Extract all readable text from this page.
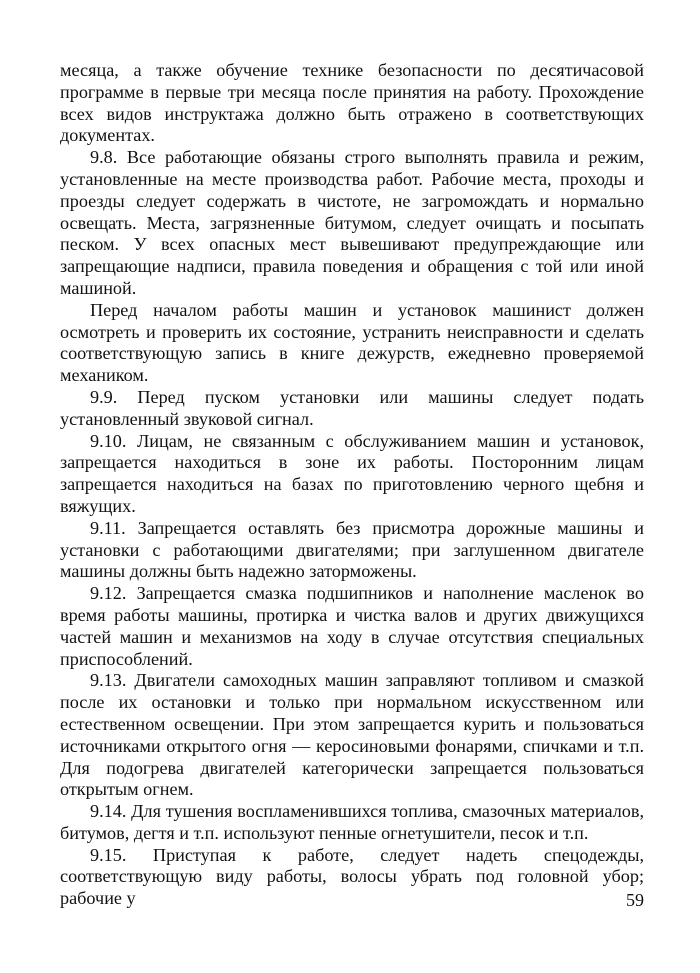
месяца, а также обучение технике безопасности по десятичасовой программе в первые три месяца после принятия на работу. Прохождение всех видов инструктажа должно быть отражено в соответствующих документах.

9.8. Все работающие обязаны строго выполнять правила и режим, установленные на месте производства работ. Рабочие места, проходы и проезды следует содержать в чистоте, не загромождать и нормально освещать. Места, загрязненные битумом, следует очищать и посыпать песком. У всех опасных мест вывешивают предупреждающие или запрещающие надписи, правила поведения и обращения с той или иной машиной.

Перед началом работы машин и установок машинист должен осмотреть и проверить их состояние, устранить неисправности и сделать соответствующую запись в книге дежурств, ежедневно проверяемой механиком.

9.9. Перед пуском установки или машины следует подать установленный звуковой сигнал.

9.10. Лицам, не связанным с обслуживанием машин и установок, запрещается находиться в зоне их работы. Посторонним лицам запрещается находиться на базах по приготовлению черного щебня и вяжущих.

9.11. Запрещается оставлять без присмотра дорожные машины и установки с работающими двигателями; при заглушенном двигателе машины должны быть надежно заторможены.

9.12. Запрещается смазка подшипников и наполнение масленок во время работы машины, протирка и чистка валов и других движущихся частей машин и механизмов на ходу в случае отсутствия специальных приспособлений.

9.13. Двигатели самоходных машин заправляют топливом и смазкой после их остановки и только при нормальном искусственном или естественном освещении. При этом запрещается курить и пользоваться источниками открытого огня — керосиновыми фонарями, спичками и т.п. Для подогрева двигателей категорически запрещается пользоваться открытым огнем.

9.14. Для тушения воспламенившихся топлива, смазочных материалов, битумов, дегтя и т.п. используют пенные огнетушители, песок и т.п.

9.15. Приступая к работе, следует надеть спецодежды, соответствующую виду работы, волосы убрать под головной убор; рабочие у	59
